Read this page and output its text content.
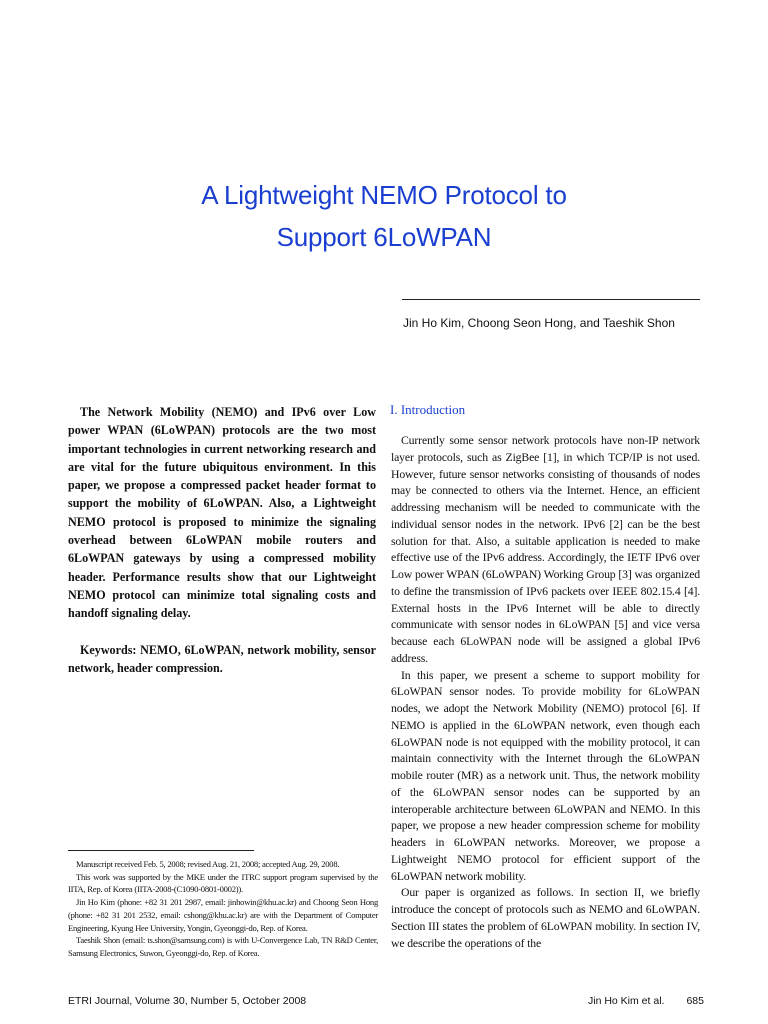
A Lightweight NEMO Protocol to
Support 6LoWPAN
Jin Ho Kim, Choong Seon Hong, and Taeshik Shon

The Network Mobility (NEMO) and IPv6 over Low power WPAN (6LoWPAN) protocols are the two most important technologies in current networking research and are vital for the future ubiquitous environment. In this paper, we propose a compressed packet header format to support the mobility of 6LoWPAN. Also, a Lightweight NEMO protocol is proposed to minimize the signaling overhead between 6LoWPAN mobile routers and 6LoWPAN gateways by using a compressed mobility header. Performance results show that our Lightweight NEMO protocol can minimize total signaling costs and handoff signaling delay.

Keywords: NEMO, 6LoWPAN, network mobility, sensor network, header compression.

Manuscript received Feb. 5, 2008; revised Aug. 21, 2008; accepted Aug. 29, 2008.

This work was supported by the MKE under the ITRC support program supervised by the IITA, Rep. of Korea (IITA-2008-(C1090-0801-0002)).

Jin Ho Kim (phone: +82 31 201 2987, email: jinhowin@khu.ac.kr) and Choong Seon Hong (phone: +82 31 201 2532, email: cshong@khu.ac.kr) are with the Department of Computer Engineering, Kyung Hee University, Yongin, Gyeonggi-do, Rep. of Korea.

Taeshik Shon (email: ts.shon@samsung.com) is with U-Convergence Lab, TN R&D Center, Samsung Electronics, Suwon, Gyeonggi-do, Rep. of Korea.

I. Introduction

Currently some sensor network protocols have non-IP network layer protocols, such as ZigBee [1], in which TCP/IP is not used. However, future sensor networks consisting of thousands of nodes may be connected to others via the Internet. Hence, an efficient addressing mechanism will be needed to communicate with the individual sensor nodes in the network. IPv6 [2] can be the best solution for that. Also, a suitable application is needed to make effective use of the IPv6 address. Accordingly, the IETF IPv6 over Low power WPAN (6LoWPAN) Working Group [3] was organized to define the transmission of IPv6 packets over IEEE 802.15.4 [4]. External hosts in the IPv6 Internet will be able to directly communicate with sensor nodes in 6LoWPAN [5] and vice versa because each 6LoWPAN node will be assigned a global IPv6 address.

In this paper, we present a scheme to support mobility for 6LoWPAN sensor nodes. To provide mobility for 6LoWPAN nodes, we adopt the Network Mobility (NEMO) protocol [6]. If NEMO is applied in the 6LoWPAN network, even though each 6LoWPAN node is not equipped with the mobility protocol, it can maintain connectivity with the Internet through the 6LoWPAN mobile router (MR) as a network unit. Thus, the network mobility of the 6LoWPAN sensor nodes can be supported by an interoperable architecture between 6LoWPAN and NEMO. In this paper, we propose a new header compression scheme for mobility headers in 6LoWPAN networks. Moreover, we propose a Lightweight NEMO protocol for efficient support of the 6LoWPAN network mobility.

Our paper is organized as follows. In section II, we briefly introduce the concept of protocols such as NEMO and 6LoWPAN. Section III states the problem of 6LoWPAN mobility. In section IV, we describe the operations of the

ETRI Journal, Volume 30, Number 5, October 2008	Jin Ho Kim et al. 685
